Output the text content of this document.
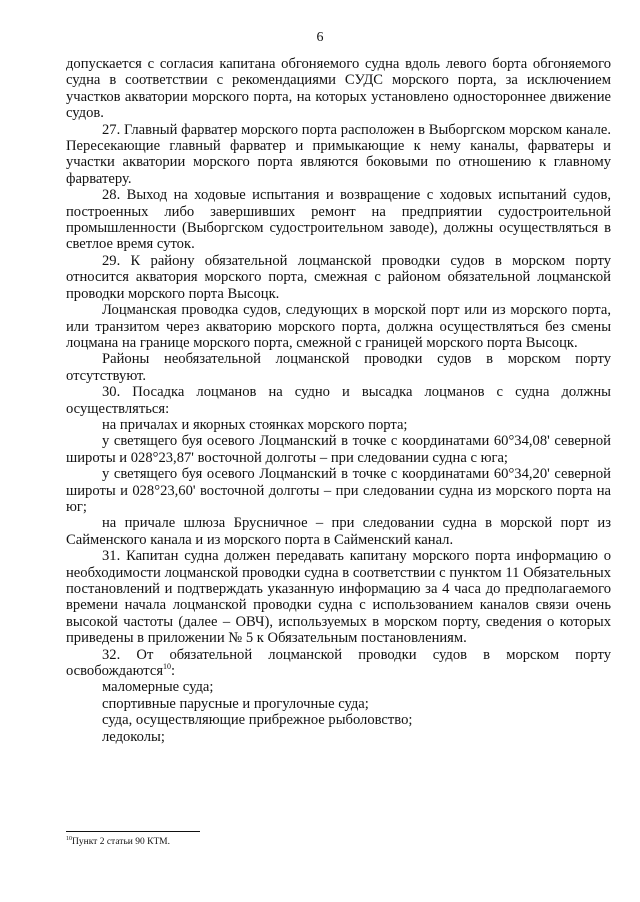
6

допускается с согласия капитана обгоняемого судна вдоль левого борта обгоняемого судна в соответствии с рекомендациями СУДС морского порта, за исключением участков акватории морского порта, на которых установлено одностороннее движение судов.

27. Главный фарватер морского порта расположен в Выборгском морском канале. Пересекающие главный фарватер и примыкающие к нему каналы, фарватеры и участки акватории морского порта являются боковыми по отношению к главному фарватеру.

28. Выход на ходовые испытания и возвращение с ходовых испытаний судов, построенных либо завершивших ремонт на предприятии судостроительной промышленности (Выборгском судостроительном заводе), должны осуществляться в светлое время суток.

29. К району обязательной лоцманской проводки судов в морском порту относится акватория морского порта, смежная с районом обязательной лоцманской проводки морского порта Высоцк.

Лоцманская проводка судов, следующих в морской порт или из морского порта, или транзитом через акваторию морского порта, должна осуществляться без смены лоцмана на границе морского порта, смежной с границей морского порта Высоцк.

Районы необязательной лоцманской проводки судов в морском порту отсутствуют.

30. Посадка лоцманов на судно и высадка лоцманов с судна должны осуществляться:

на причалах и якорных стоянках морского порта;

у светящего буя осевого Лоцманский в точке с координатами 60°34,08' северной широты и 028°23,87' восточной долготы – при следовании судна с юга;

у светящего буя осевого Лоцманский в точке с координатами 60°34,20' северной широты и 028°23,60' восточной долготы – при следовании судна из морского порта на юг;

на причале шлюза Брусничное – при следовании судна в морской порт из Сайменского канала и из морского порта в Сайменский канал.

31. Капитан судна должен передавать капитану морского порта информацию о необходимости лоцманской проводки судна в соответствии с пунктом 11 Обязательных постановлений и подтверждать указанную информацию за 4 часа до предполагаемого времени начала лоцманской проводки судна с использованием каналов связи очень высокой частоты (далее – ОВЧ), используемых в морском порту, сведения о которых приведены в приложении № 5 к Обязательным постановлениям.

32. От обязательной лоцманской проводки судов в морском порту освобождаются$^{10}$:

маломерные суда;

спортивные парусные и прогулочные суда;

суда, осуществляющие прибрежное рыболовство;

ледоколы;

$^{10}$Пункт 2 статьи 90 КТМ.
